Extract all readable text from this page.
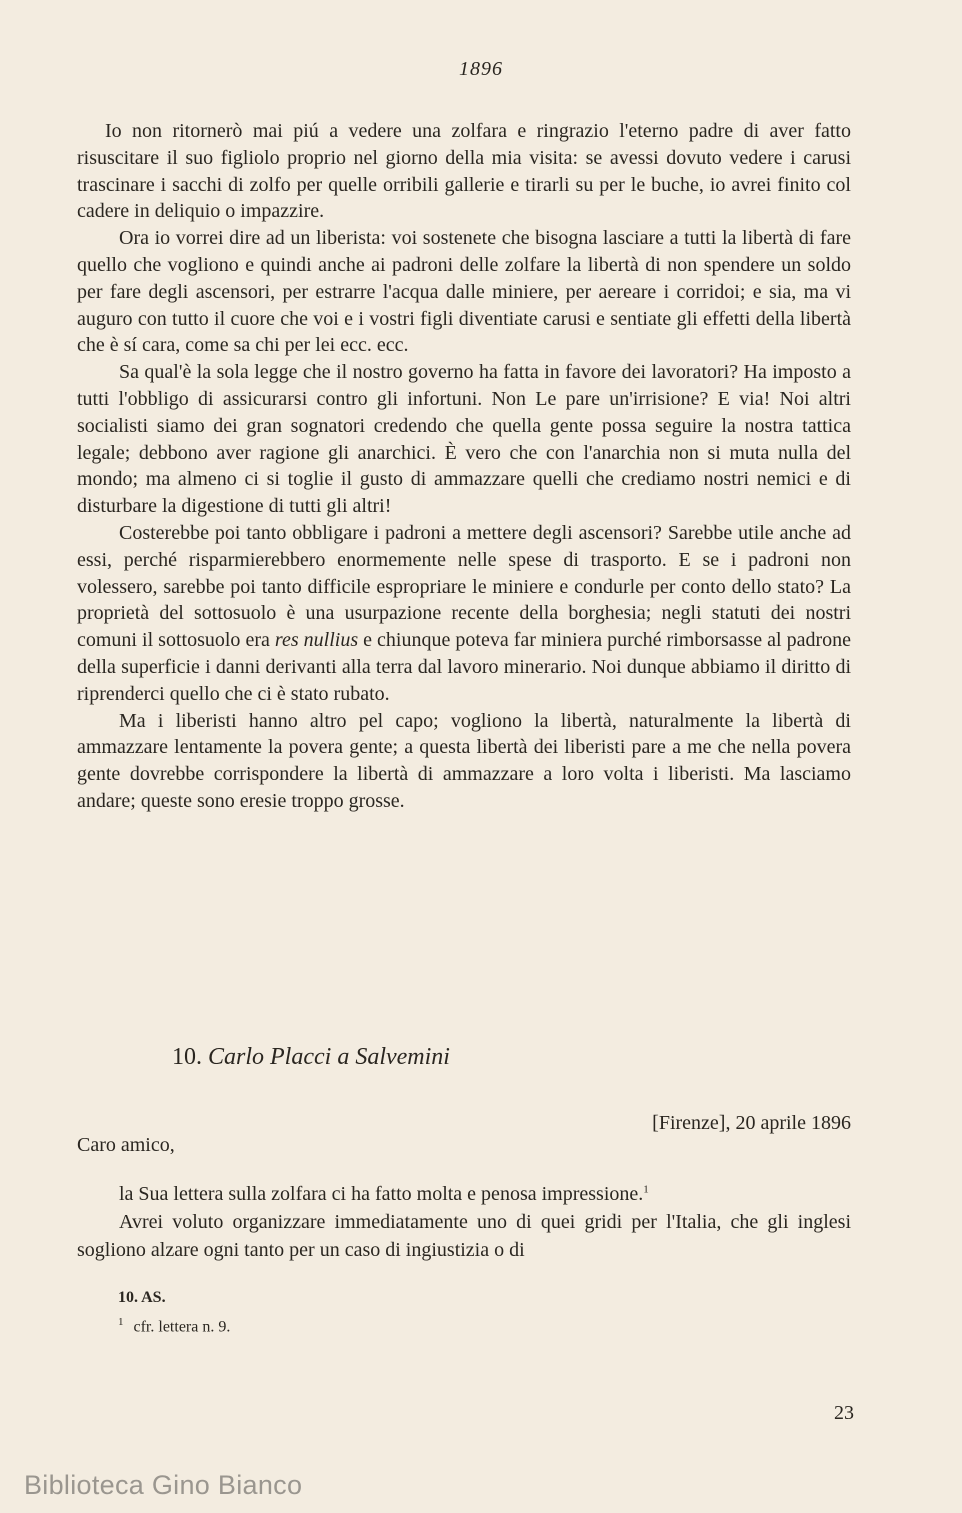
1896

Io non ritornerò mai piú a vedere una zolfara e ringrazio l'eterno padre di aver fatto risuscitare il suo figliolo proprio nel giorno della mia visita: se avessi dovuto vedere i carusi trascinare i sacchi di zolfo per quelle orribili gallerie e tirarli su per le buche, io avrei finito col cadere in deliquio o impazzire.

Ora io vorrei dire ad un liberista: voi sostenete che bisogna lasciare a tutti la libertà di fare quello che vogliono e quindi anche ai padroni delle zolfare la libertà di non spendere un soldo per fare degli ascensori, per estrarre l'acqua dalle miniere, per aereare i corridoi; e sia, ma vi auguro con tutto il cuore che voi e i vostri figli diventiate carusi e sentiate gli effetti della libertà che è sí cara, come sa chi per lei ecc. ecc.

Sa qual'è la sola legge che il nostro governo ha fatta in favore dei lavoratori? Ha imposto a tutti l'obbligo di assicurarsi contro gli infortuni. Non Le pare un'irrisione? E via! Noi altri socialisti siamo dei gran sognatori credendo che quella gente possa seguire la nostra tattica legale; debbono aver ragione gli anarchici. È vero che con l'anarchia non si muta nulla del mondo; ma almeno ci si toglie il gusto di ammazzare quelli che crediamo nostri nemici e di disturbare la digestione di tutti gli altri!

Costerebbe poi tanto obbligare i padroni a mettere degli ascensori? Sarebbe utile anche ad essi, perché risparmierebbero enormemente nelle spese di trasporto. E se i padroni non volessero, sarebbe poi tanto difficile espropriare le miniere e condurle per conto dello stato? La proprietà del sottosuolo è una usurpazione recente della borghesia; negli statuti dei nostri comuni il sottosuolo era res nullius e chiunque poteva far miniera purché rimborsasse al padrone della superficie i danni derivanti alla terra dal lavoro minerario. Noi dunque abbiamo il diritto di riprenderci quello che ci è stato rubato.

Ma i liberisti hanno altro pel capo; vogliono la libertà, naturalmente la libertà di ammazzare lentamente la povera gente; a questa libertà dei liberisti pare a me che nella povera gente dovrebbe corrispondere la libertà di ammazzare a loro volta i liberisti. Ma lasciamo andare; queste sono eresie troppo grosse.

10. Carlo Placci a Salvemini
[Firenze], 20 aprile 1896
Caro amico,

la Sua lettera sulla zolfara ci ha fatto molta e penosa impressione.$^1$

Avrei voluto organizzare immediatamente uno di quei gridi per l'Italia, che gli inglesi sogliono alzare ogni tanto per un caso di ingiustizia o di

10. AS.
$^1$ cfr. lettera n. 9.
23
Biblioteca Gino Bianco
